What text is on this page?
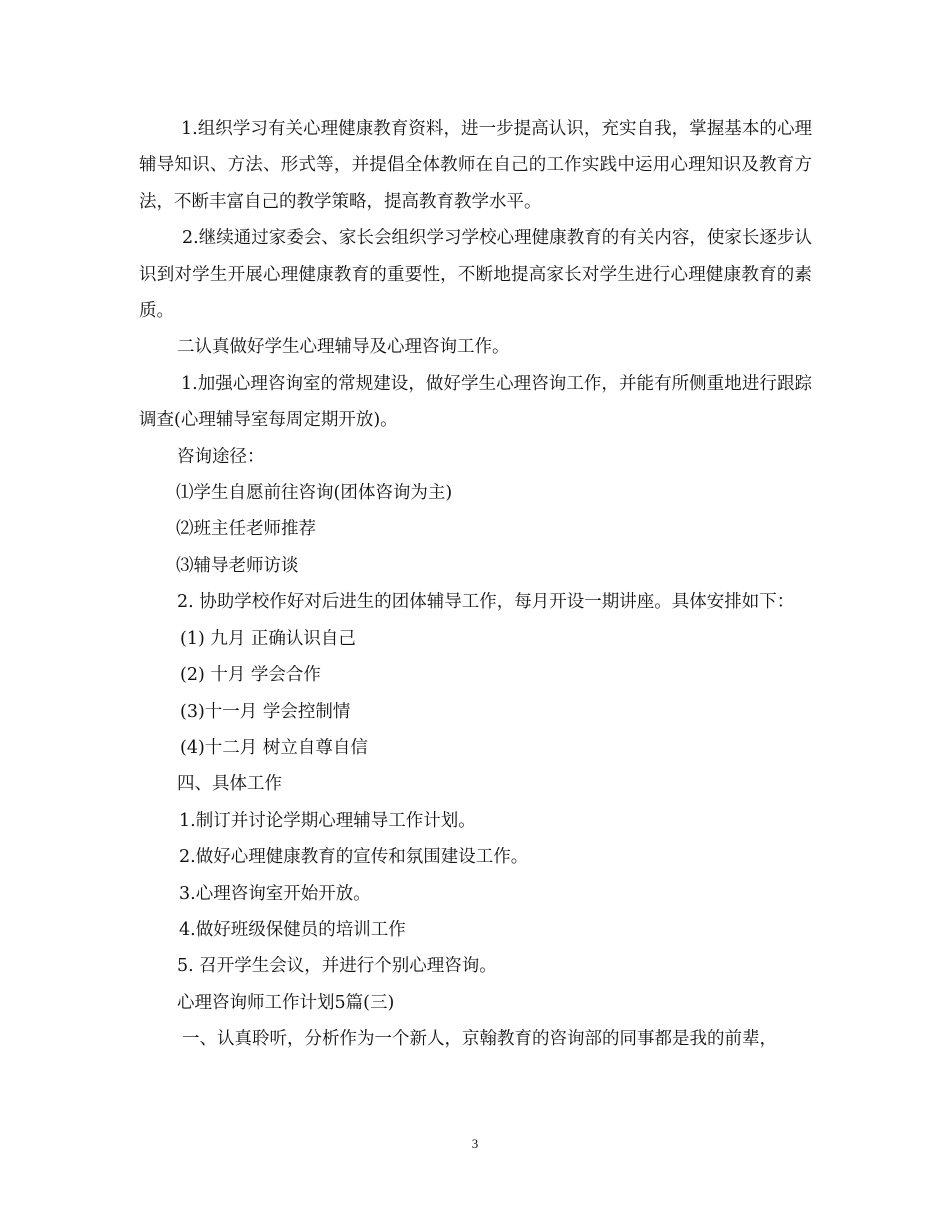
1.组织学习有关心理健康教育资料，进一步提高认识，充实自我，掌握基本的心理辅导知识、方法、形式等，并提倡全体教师在自己的工作实践中运用心理知识及教育方法，不断丰富自己的教学策略，提高教育教学水平。

2.继续通过家委会、家长会组织学习学校心理健康教育的有关内容，使家长逐步认识到对学生开展心理健康教育的重要性，不断地提高家长对学生进行心理健康教育的素质。

二认真做好学生心理辅导及心理咨询工作。

1.加强心理咨询室的常规建设，做好学生心理咨询工作，并能有所侧重地进行跟踪调查(心理辅导室每周定期开放)。

咨询途径：

⑴学生自愿前往咨询(团体咨询为主)

⑵班主任老师推荐

⑶辅导老师访谈

2. 协助学校作好对后进生的团体辅导工作，每月开设一期讲座。具体安排如下：

(1) 九月 正确认识自己

(2) 十月 学会合作

(3)十一月 学会控制情

(4)十二月 树立自尊自信

四、具体工作

1.制订并讨论学期心理辅导工作计划。

2.做好心理健康教育的宣传和氛围建设工作。

3.心理咨询室开始开放。

4.做好班级保健员的培训工作

5. 召开学生会议，并进行个别心理咨询。

心理咨询师工作计划5篇(三)

一、认真聆听，分析作为一个新人，京翰教育的咨询部的同事都是我的前辈，

3
